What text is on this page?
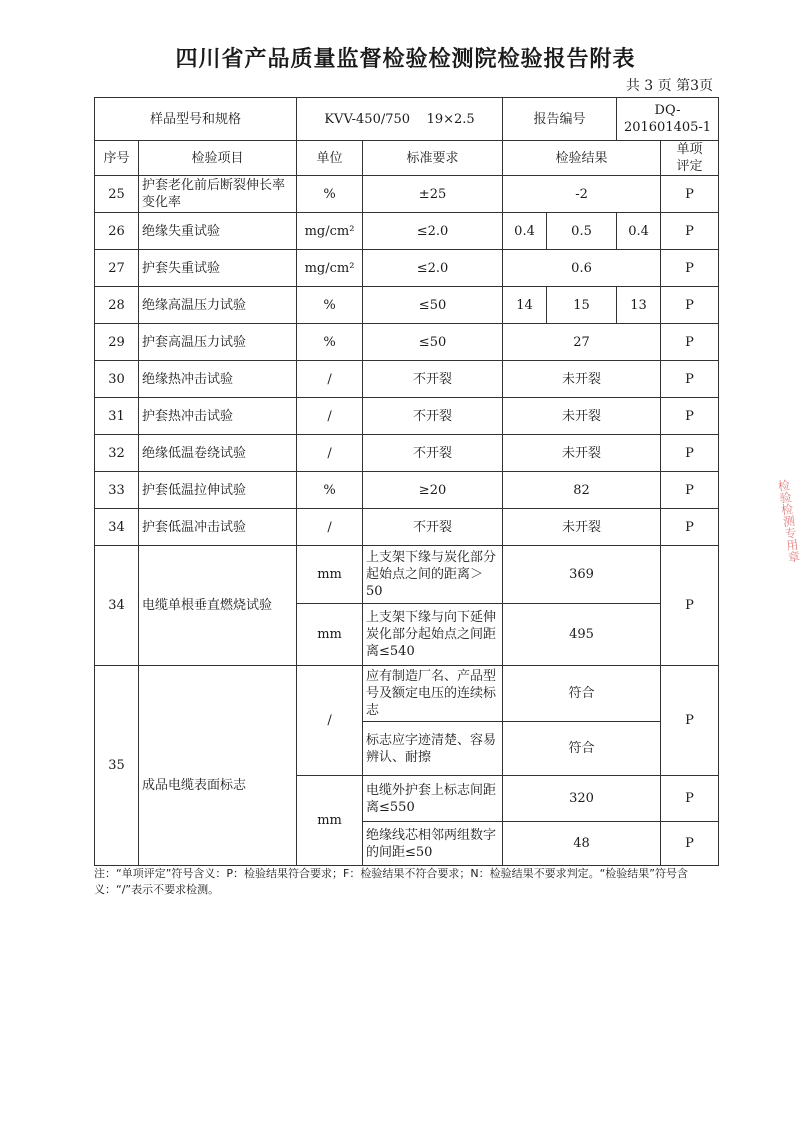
四川省产品质量监督检验检测院检验报告附表
共 3 页 第3页
样品型号和规格		KVV-450/750    19×2.5		报告编号		DQ-201601405-1	
序号	检验项目	单位	标准要求	检验结果			单项评定
25	护套老化前后断裂伸长率变化率	%	±25	-2			P
26	绝缘失重试验	mg/cm²	≤2.0	0.4	0.5	0.4	P
27	护套失重试验	mg/cm²	≤2.0	0.6			P
28	绝缘高温压力试验	%	≤50	14	15	13	P
29	护套高温压力试验	%	≤50	27			P
30	绝缘热冲击试验	/	不开裂	未开裂			P
31	护套热冲击试验	/	不开裂	未开裂			P
32	绝缘低温卷绕试验	/	不开裂	未开裂			P
33	护套低温拉伸试验	%	≥20	82			P
34	护套低温冲击试验	/	不开裂	未开裂			P
34	电缆单根垂直燃烧试验	mm	上支架下缘与炭化部分起始点之间的距离＞50	369			P
		mm	上支架下缘与向下延伸炭化部分起始点之间距离≤540	495			
35	成品电缆表面标志	/	应有制造厂名、产品型号及额定电压的连续标志	符合			P
			标志应字迹清楚、容易辨认、耐擦	符合			
		mm	电缆外护套上标志间距离≤550	320			P
			绝缘线芯相邻两组数字的间距≤50	48			P
注：“单项评定”符号含义：P：检验结果符合要求；F：检验结果不符合要求；N：检验结果不要求判定。“检验结果”符号含义：“/”表示不要求检测。
检验检测专用章
